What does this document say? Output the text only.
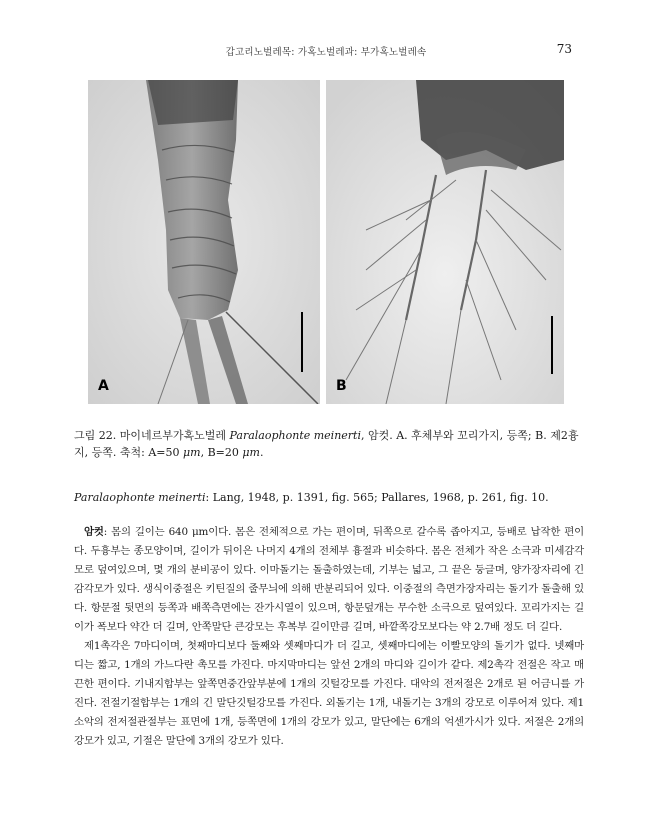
갑고리노벌레목: 가혹노벌레과: 부가혹노벌레속	73
A	B
그림 22. 마이네르부가혹노벌레 Paralaophonte meinerti, 암컷. A. 후체부와 꼬리가지, 등쪽; B. 제2흉지, 등쪽. 축척: A=50 μm, B=20 μm.
Paralaophonte meinerti: Lang, 1948, p. 1391, fig. 565; Pallares, 1968, p. 261, fig. 10.

암컷: 몸의 길이는 640 μm이다. 몸은 전체적으로 가는 편이며, 뒤쪽으로 갈수록 좁아지고, 등배로 납작한 편이다. 두흉부는 종모양이며, 길이가 뒤이은 나머지 4개의 전체부 흉절과 비슷하다. 몸은 전체가 작은 소극과 미세감각모로 덮여있으며, 몇 개의 분비공이 있다. 이마돌기는 돌출하였는데, 기부는 넓고, 그 끝은 둥글며, 양가장자리에 긴 감각모가 있다. 생식이중절은 키틴질의 줄무늬에 의해 반분리되어 있다. 이중절의 측면가장자리는 돌기가 돌출해 있다. 항문절 뒷면의 등쪽과 배쪽측면에는 잔가시열이 있으며, 항문덮개는 무수한 소극으로 덮여있다. 꼬리가지는 길이가 폭보다 약간 더 길며, 안쪽말단 큰강모는 후복부 길이만큼 길며, 바깥쪽강모보다는 약 2.7배 정도 더 길다.

제1촉각은 7마디이며, 첫째마디보다 둘째와 셋째마디가 더 길고, 셋째마디에는 이빨모양의 돌기가 없다. 넷째마디는 짧고, 1개의 가느다란 촉모를 가진다. 마지막마디는 앞선 2개의 마디와 길이가 같다. 제2촉각 전절은 작고 매끈한 편이다. 기내지합부는 앞쪽면중간앞부분에 1개의 깃털강모를 가진다. 대악의 전저절은 2개로 된 어금니를 가진다. 전절기절합부는 1개의 긴 말단깃털강모를 가진다. 외돌기는 1개, 내돌기는 3개의 강모로 이루어져 있다. 제1소악의 전저절관절부는 표면에 1개, 등쪽면에 1개의 강모가 있고, 말단에는 6개의 억센가시가 있다. 저절은 2개의 강모가 있고, 기절은 말단에 3개의 강모가 있다.
